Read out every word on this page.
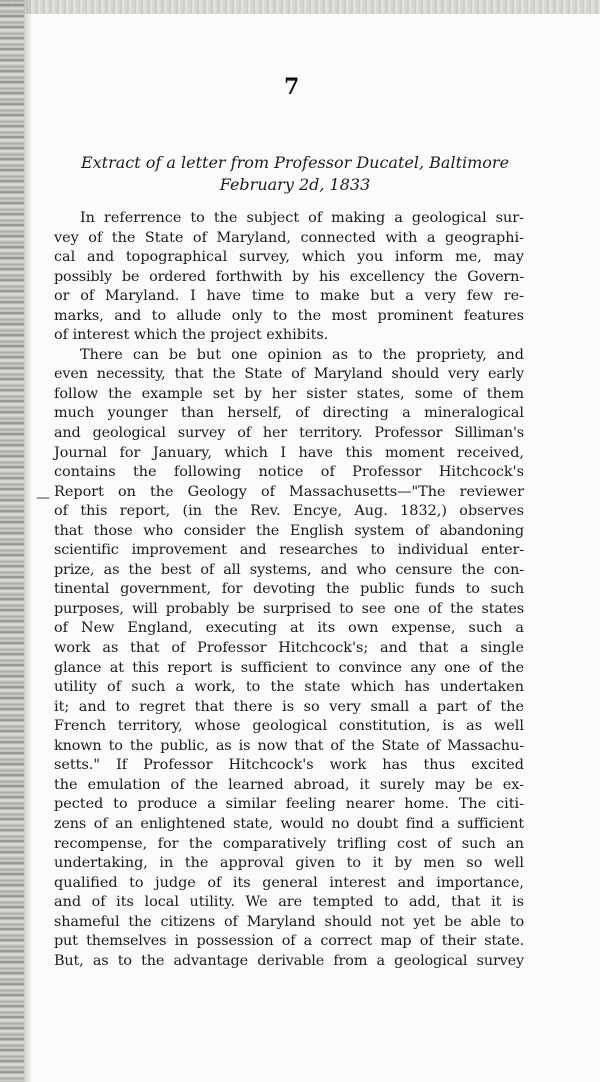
7
Extract of a letter from Professor Ducatel, Baltimore
February 2d, 1833
—
In referrence to the subject of making a geological sur-
vey of the State of Maryland, connected with a geographi-
cal and topographical survey, which you inform me, may
possibly be ordered forthwith by his excellency the Govern-
or of Maryland. I have time to make but a very few re-
marks, and to allude only to the most prominent features
of interest which the project exhibits.
There can be but one opinion as to the propriety, and
even necessity, that the State of Maryland should very early
follow the example set by her sister states, some of them
much younger than herself, of directing a mineralogical
and geological survey of her territory. Professor Silliman's
Journal for January, which I have this moment received,
contains the following notice of Professor Hitchcock's
Report on the Geology of Massachusetts—"The reviewer
of this report, (in the Rev. Encye, Aug. 1832,) observes
that those who consider the English system of abandoning
scientific improvement and researches to individual enter-
prize, as the best of all systems, and who censure the con-
tinental government, for devoting the public funds to such
purposes, will probably be surprised to see one of the states
of New England, executing at its own expense, such a
work as that of Professor Hitchcock's; and that a single
glance at this report is sufficient to convince any one of the
utility of such a work, to the state which has undertaken
it; and to regret that there is so very small a part of the
French territory, whose geological constitution, is as well
known to the public, as is now that of the State of Massachu-
setts." If Professor Hitchcock's work has thus excited
the emulation of the learned abroad, it surely may be ex-
pected to produce a similar feeling nearer home. The citi-
zens of an enlightened state, would no doubt find a sufficient
recompense, for the comparatively trifling cost of such an
undertaking, in the approval given to it by men so well
qualified to judge of its general interest and importance,
and of its local utility. We are tempted to add, that it is
shameful the citizens of Maryland should not yet be able to
put themselves in possession of a correct map of their state.
But, as to the advantage derivable from a geological survey
